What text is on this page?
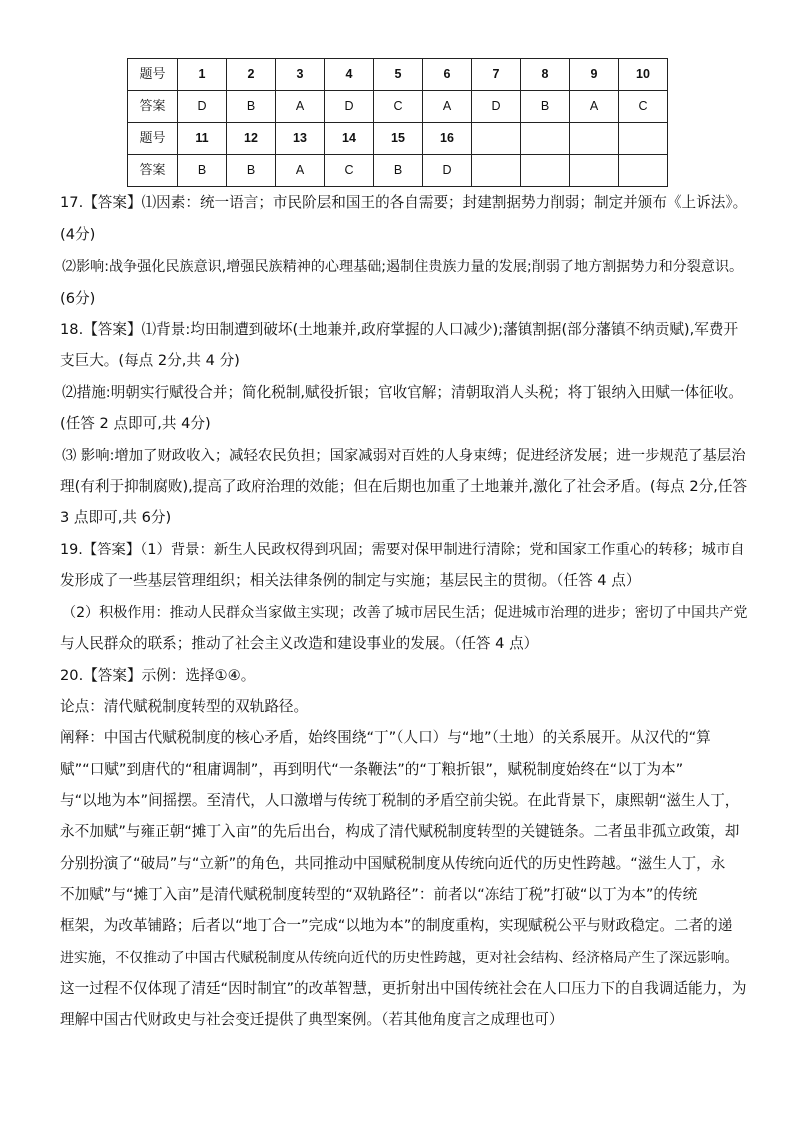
题号	1	2	3	4	5	6	7	8	9	10
答案	D	B	A	D	C	A	D	B	A	C
题号	11	12	13	14	15	16				
答案	B	B	A	C	B	D				
17.【答案】⑴因素：统一语言；市民阶层和国王的各自需要；封建割据势力削弱；制定并颁布《上诉法》。
(4分)
⑵影响:战争强化民族意识,增强民族精神的心理基础;遏制住贵族力量的发展;削弱了地方割据势力和分裂意识。
(6分)
18.【答案】⑴背景:均田制遭到破坏(土地兼并,政府掌握的人口减少);藩镇割据(部分藩镇不纳贡赋),军费开
支巨大。(每点 2分,共 4 分)
⑵措施:明朝实行赋役合并；简化税制,赋役折银；官收官解；清朝取消人头税；将丁银纳入田赋一体征收。
(任答 2 点即可,共 4分)
⑶ 影响:增加了财政收入；减轻农民负担；国家减弱对百姓的人身束缚；促进经济发展；进一步规范了基层治
理(有利于抑制腐败),提高了政府治理的效能；但在后期也加重了土地兼并,激化了社会矛盾。(每点 2分,任答
3 点即可,共 6分)
19.【答案】（1）背景：新生人民政权得到巩固；需要对保甲制进行清除；党和国家工作重心的转移；城市自
发形成了一些基层管理组织；相关法律条例的制定与实施；基层民主的贯彻。（任答 4 点）
（2）积极作用：推动人民群众当家做主实现；改善了城市居民生活；促进城市治理的进步；密切了中国共产党
与人民群众的联系；推动了社会主义改造和建设事业的发展。（任答 4 点）
20.【答案】示例：选择①④。
论点：清代赋税制度转型的双轨路径。
阐释：中国古代赋税制度的核心矛盾，始终围绕“丁”（人口）与“地”（土地）的关系展开。从汉代的“算
赋”“口赋”到唐代的“租庸调制”，再到明代“一条鞭法”的“丁粮折银”，赋税制度始终在“以丁为本”
与“以地为本”间摇摆。至清代，人口激增与传统丁税制的矛盾空前尖锐。在此背景下，康熙朝“滋生人丁，
永不加赋”与雍正朝“摊丁入亩”的先后出台，构成了清代赋税制度转型的关键链条。二者虽非孤立政策，却
分别扮演了“破局”与“立新”的角色，共同推动中国赋税制度从传统向近代的历史性跨越。“滋生人丁，永
不加赋”与“摊丁入亩”是清代赋税制度转型的“双轨路径”：前者以“冻结丁税”打破“以丁为本”的传统
框架，为改革铺路；后者以“地丁合一”完成“以地为本”的制度重构，实现赋税公平与财政稳定。二者的递
进实施，不仅推动了中国古代赋税制度从传统向近代的历史性跨越，更对社会结构、经济格局产生了深远影响。
这一过程不仅体现了清廷“因时制宜”的改革智慧，更折射出中国传统社会在人口压力下的自我调适能力，为
理解中国古代财政史与社会变迁提供了典型案例。（若其他角度言之成理也可）
